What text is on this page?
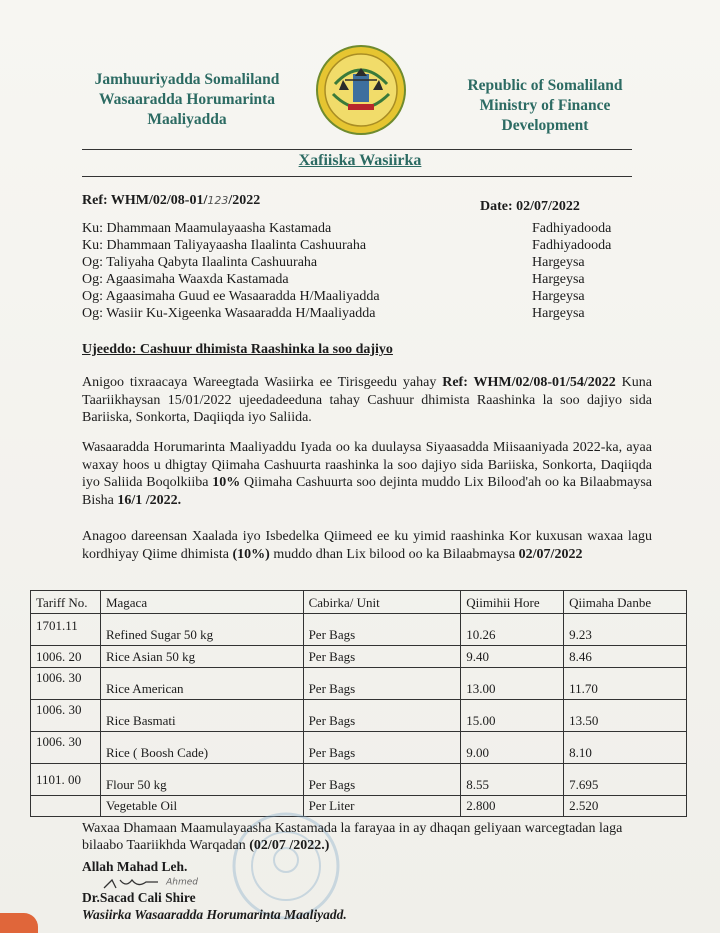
Jamhuuriyadda Somaliland
Wasaaradda Horumarinta
Maaliyadda
Republic of Somaliland
Ministry of Finance
Development
Xafiiska Wasiirka
Ref: WHM/02/08-01/123/2022	Date: 02/07/2022
Ku: Dhammaan Maamulayaasha Kastamada	Fadhiyadooda
Ku: Dhammaan Taliyayaasha Ilaalinta Cashuuraha	Fadhiyadooda
Og: Taliyaha Qabyta Ilaalinta Cashuuraha	Hargeysa
Og: Agaasimaha Waaxda Kastamada	Hargeysa
Og: Agaasimaha Guud ee Wasaaradda H/Maaliyadda	Hargeysa
Og: Wasiir Ku-Xigeenka Wasaaradda H/Maaliyadda	Hargeysa
Ujeeddo: Cashuur dhimista Raashinka la soo dajiyo
Anigoo tixraacaya Wareegtada Wasiirka ee Tirisgeedu yahay Ref: WHM/02/08-01/54/2022 Kuna Taariikhaysan 15/01/2022 ujeedadeeduna tahay Cashuur dhimista Raashinka la soo dajiyo sida Bariiska, Sonkorta, Daqiiqda iyo Saliida.
Wasaaradda Horumarinta Maaliyaddu Iyada oo ka duulaysa Siyaasadda Miisaaniyada 2022-ka, ayaa waxay hoos u dhigtay Qiimaha Cashuurta raashinka la soo dajiyo sida Bariiska, Sonkorta, Daqiiqda iyo Saliida Boqolkiiba 10% Qiimaha Cashuurta soo dejinta muddo Lix Bilood'ah oo ka Bilaabmaysa Bisha 16/1 /2022.
Anagoo dareensan Xaalada iyo Isbedelka Qiimeed ee ku yimid raashinka Kor kuxusan waxaa lagu kordhiyay Qiime dhimista (10%) muddo dhan Lix bilood oo ka Bilaabmaysa 02/07/2022
Tariff No.	Magaca	Cabirka/ Unit	Qiimihii Hore	Qiimaha Danbe
1701.11	Refined Sugar 50 kg	Per Bags	10.26	9.23
1006. 20	Rice Asian 50 kg	Per Bags	9.40	8.46
1006. 30	Rice American	Per Bags	13.00	11.70
1006. 30	Rice Basmati	Per Bags	15.00	13.50
1006. 30	Rice ( Boosh Cade)	Per Bags	9.00	8.10
1101. 00	Flour 50 kg	Per Bags	8.55	7.695
	Vegetable Oil	Per Liter	2.800	2.520
Waxaa Dhamaan Maamulayaasha Kastamada la farayaa in ay dhaqan geliyaan warcegtadan laga bilaabo Taariikhda Warqadan (02/07 /2022.)
Allah Mahad Leh.
$^{Ahmed}$
Dr.Sacad Cali Shire
Wasiirka Wasaaradda Horumarinta Maaliyadd.
